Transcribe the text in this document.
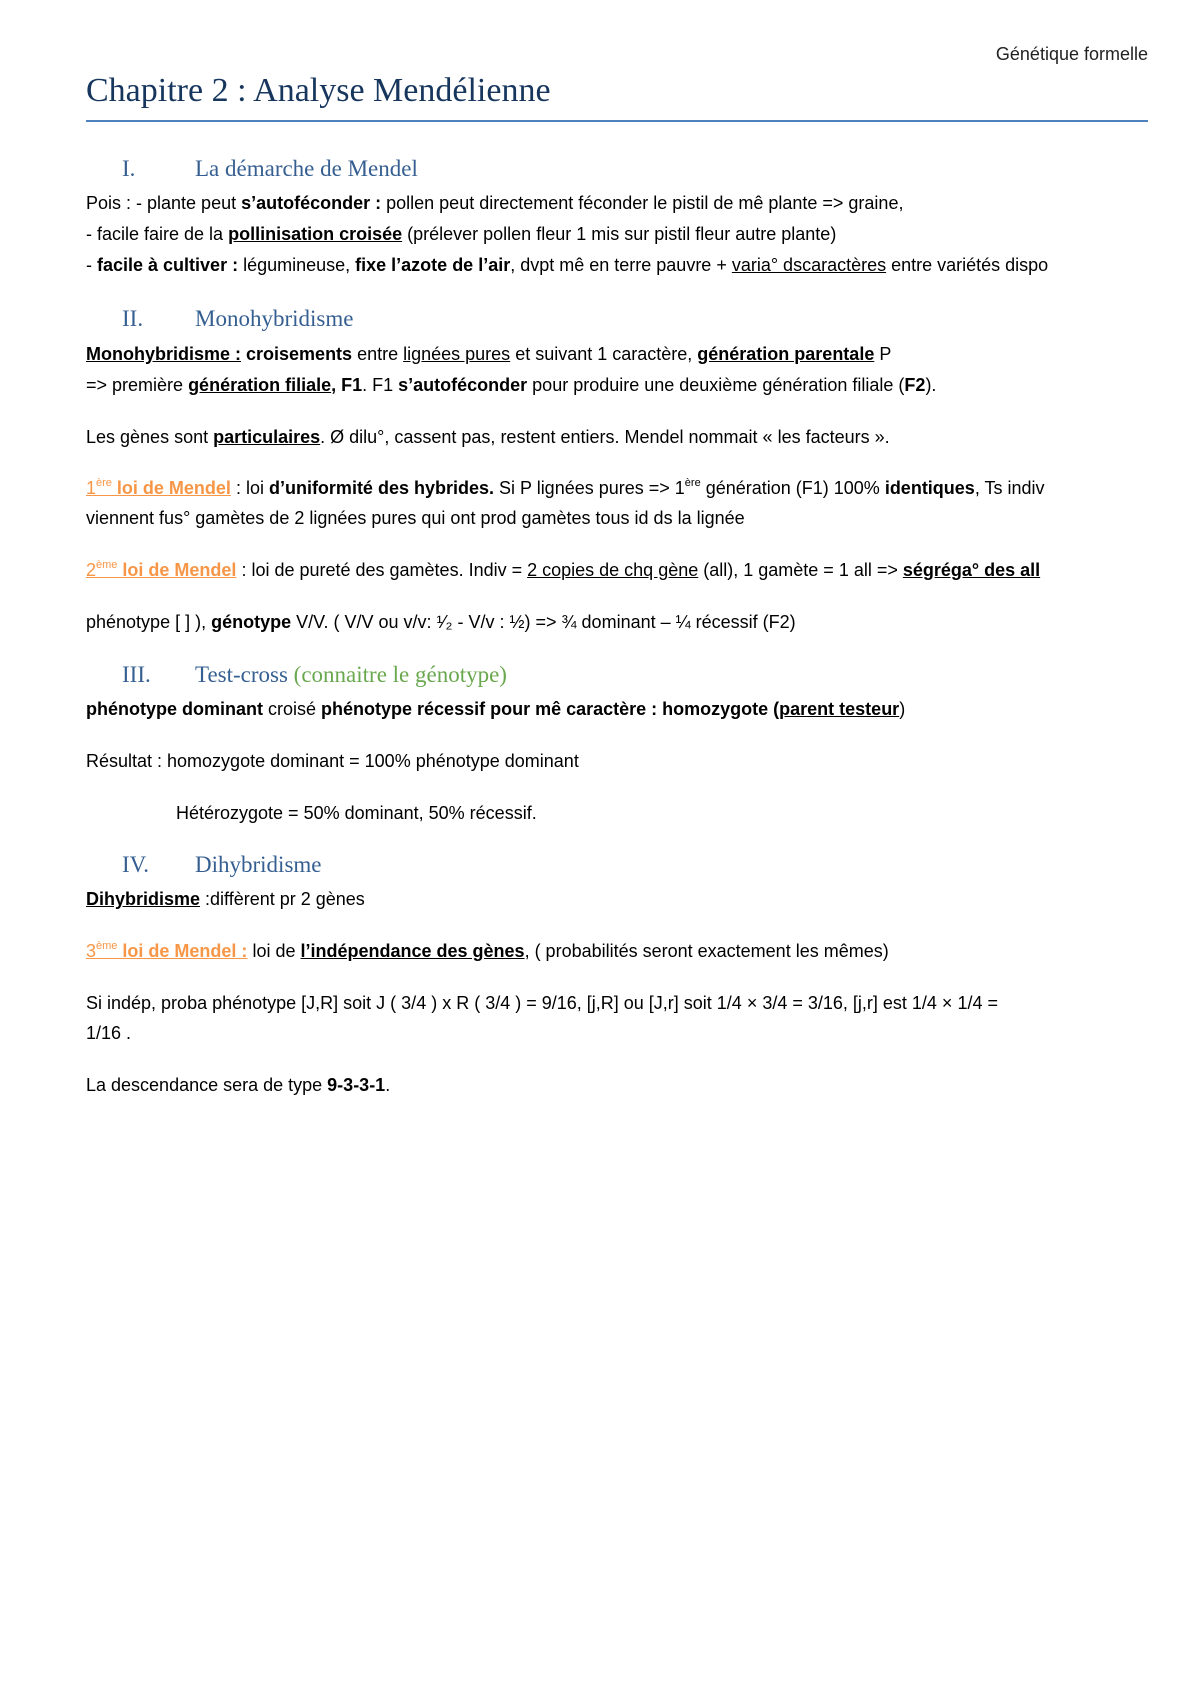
Génétique formelle
Chapitre 2 : Analyse Mendélienne
I.	La démarche de Mendel

Pois : - plante peut s’autoféconder : pollen peut directement féconder le pistil de mê plante => graine,

- facile faire de la pollinisation croisée (prélever pollen fleur 1 mis sur pistil fleur autre plante)

- facile à cultiver : légumineuse, fixe l’azote de l’air, dvpt mê en terre pauvre + varia° dscaractères entre variétés dispo

II. Monohybridisme

Monohybridisme : croisements entre lignées pures et suivant 1 caractère, génération parentale P

=> première génération filiale, F1. F1 s’autoféconder pour produire une deuxième génération filiale (F2).

Les gènes sont particulaires. Ø dilu°, cassent pas, restent entiers. Mendel nommait « les facteurs ».

1ère loi de Mendel : loi d’uniformité des hybrides. Si P lignées pures => 1ère génération (F1) 100% identiques, Ts indiv

viennent fus° gamètes de 2 lignées pures qui ont prod gamètes tous id ds la lignée

2ème loi de Mendel : loi de pureté des gamètes. Indiv = 2 copies de chq gène (all), 1 gamète = 1 all => ségréga° des all

phénotype [ ] ), génotype V/V. ( V/V ou v/v: ¹⁄₂ - V/v : ½) => ¾ dominant – ¼ récessif (F2)

III. Test-cross (connaitre le génotype)

phénotype dominant croisé phénotype récessif pour mê caractère : homozygote (parent testeur)

Résultat : homozygote dominant = 100% phénotype dominant

Hétérozygote = 50% dominant, 50% récessif.

IV. Dihybridisme

Dihybridisme :diffèrent pr 2 gènes

3ème loi de Mendel : loi de l’indépendance des gènes, ( probabilités seront exactement les mêmes)

Si indép, proba phénotype [J,R] soit J ( 3/4 ) x R ( 3/4 ) = 9/16, [j,R] ou [J,r] soit 1/4 × 3/4 = 3/16, [j,r] est 1/4 × 1/4 =

1/16 .

La descendance sera de type 9-3-3-1.
